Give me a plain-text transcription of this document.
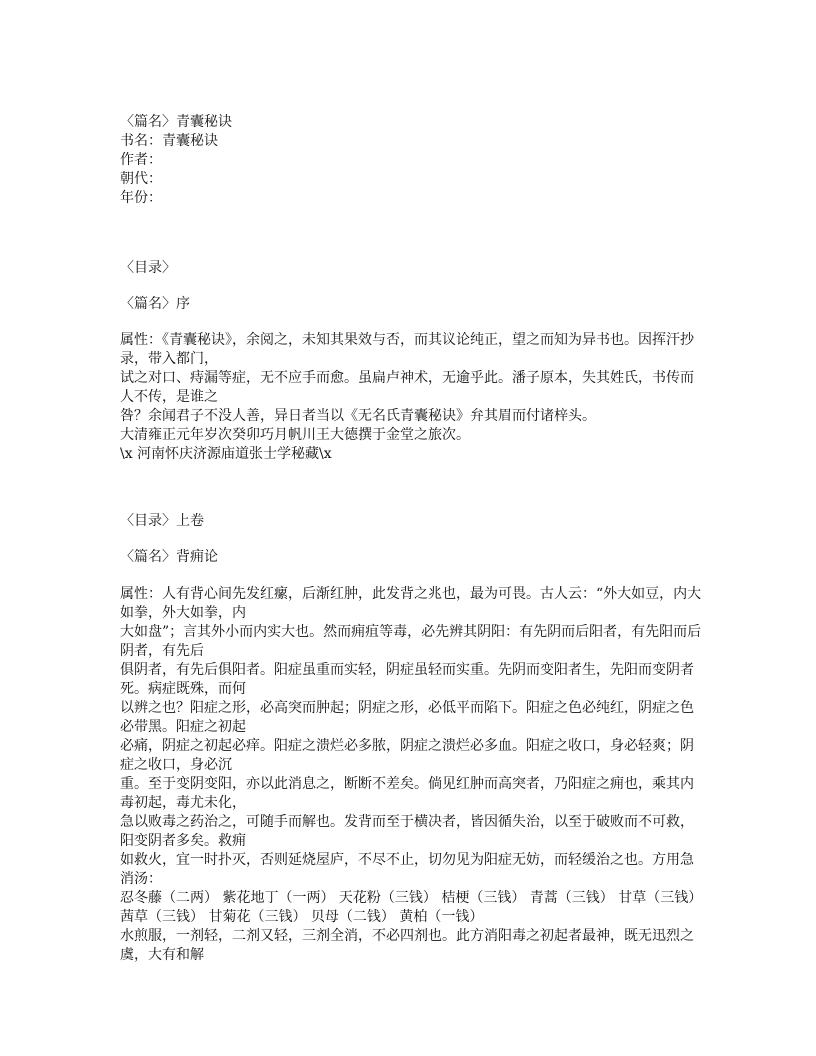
〈篇名〉青囊秘诀
书名：青囊秘诀
作者：
朝代：
年份：
〈目录〉
〈篇名〉序
属性：《青囊秘诀》，余阅之，未知其果效与否，而其议论纯正，望之而知为异书也。因挥汗抄
录，带入都门，
试之对口、痔漏等症，无不应手而愈。虽扁卢神术，无逾乎此。潘子原本，失其姓氏，书传而
人不传，是谁之
咎？余闻君子不没人善，异日者当以《无名氏青囊秘诀》弁其眉而付诸梓头。
大清雍正元年岁次癸卯巧月帆川王大德撰于金堂之旅次。
\x 河南怀庆济源庙道张士学秘藏\x
〈目录〉上卷
〈篇名〉背痈论
属性：人有背心间先发红瘰，后渐红肿，此发背之兆也，最为可畏。古人云：“外大如豆，内大
如拳，外大如拳，内
大如盘”；言其外小而内实大也。然而痈疽等毒，必先辨其阴阳：有先阴而后阳者，有先阳而后
阴者，有先后
俱阴者，有先后俱阳者。阳症虽重而实轻，阴症虽轻而实重。先阴而变阳者生，先阳而变阴者
死。病症既殊，而何
以辨之也？阳症之形，必高突而肿起；阴症之形，必低平而陷下。阳症之色必纯红，阴症之色
必带黑。阳症之初起
必痛，阴症之初起必痒。阳症之溃烂必多脓，阴症之溃烂必多血。阳症之收口，身必轻爽；阴
症之收口，身必沉
重。至于变阴变阳，亦以此消息之，断断不差矣。倘见红肿而高突者，乃阳症之痈也，乘其内
毒初起，毒尤未化，
急以败毒之药治之，可随手而解也。发背而至于横决者，皆因循失治，以至于破败而不可救，
阳变阴者多矣。救痈
如救火，宜一时扑灭，否则延烧屋庐，不尽不止，切勿见为阳症无妨，而轻缓治之也。方用急
消汤：
忍冬藤（二两） 紫花地丁（一两） 天花粉（三钱） 桔梗（三钱） 青蒿（三钱） 甘草（三钱）
茜草（三钱） 甘菊花（三钱） 贝母（二钱） 黄柏（一钱）
水煎服，一剂轻，二剂又轻，三剂全消，不必四剂也。此方消阳毒之初起者最神，既无迅烈之
虞，大有和解
